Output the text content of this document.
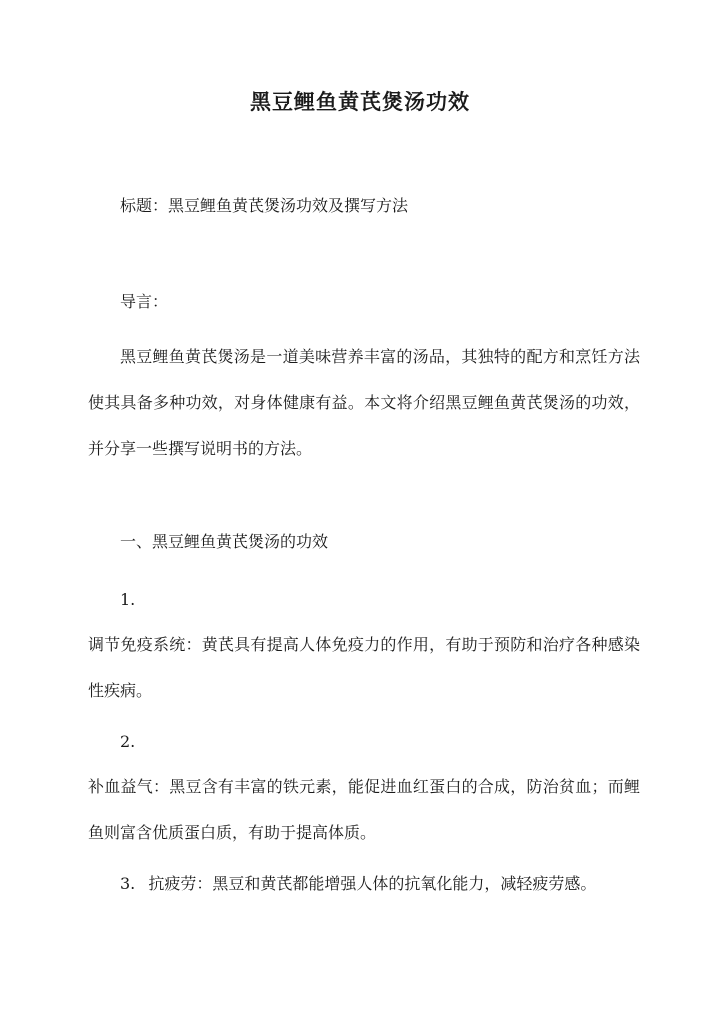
黑豆鲤鱼黄芪煲汤功效
标题：黑豆鲤鱼黄芪煲汤功效及撰写方法
导言：
黑豆鲤鱼黄芪煲汤是一道美味营养丰富的汤品，其独特的配方和烹饪方法使其具备多种功效，对身体健康有益。本文将介绍黑豆鲤鱼黄芪煲汤的功效，并分享一些撰写说明书的方法。
一、黑豆鲤鱼黄芪煲汤的功效
1.
调节免疫系统：黄芪具有提高人体免疫力的作用，有助于预防和治疗各种感染性疾病。
2.
补血益气：黑豆含有丰富的铁元素，能促进血红蛋白的合成，防治贫血；而鲤鱼则富含优质蛋白质，有助于提高体质。
3. 抗疲劳：黑豆和黄芪都能增强人体的抗氧化能力，减轻疲劳感。
